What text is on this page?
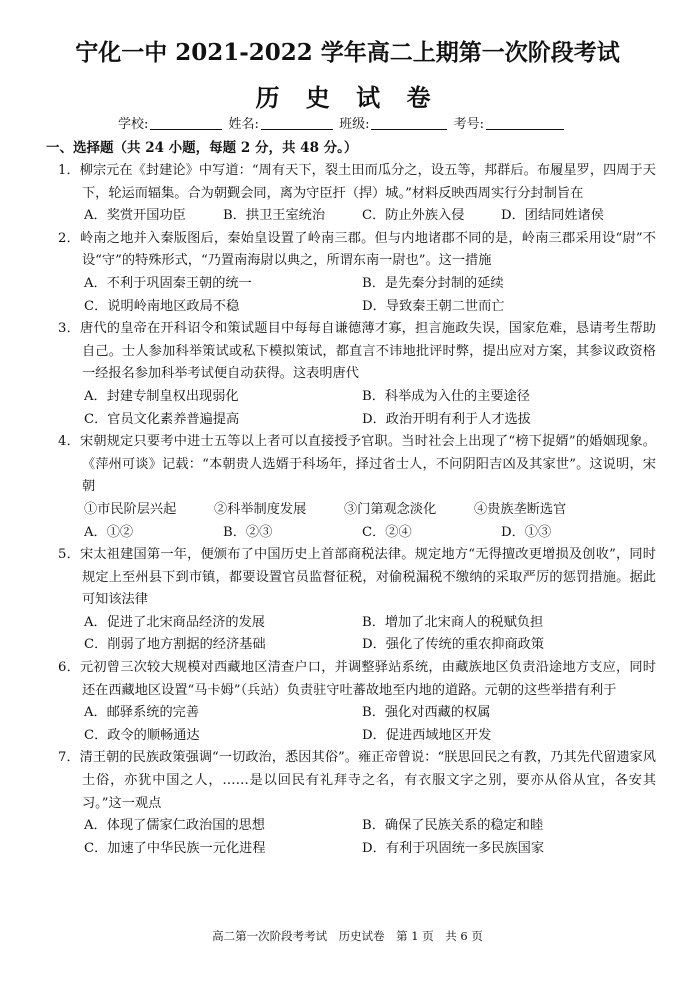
宁化一中 2021-2022 学年高二上期第一次阶段考试
历 史 试 卷
学校:	姓名:	班级:	考号:
一、选择题（共 24 小题，每题 2 分，共 48 分。）
1．柳宗元在《封建论》中写道：“周有天下，裂土田而瓜分之，设五等，邦群后。布履星罗，四周于天下，轮运而辐集。合为朝觐会同，离为守臣扞（捍）城。”材料反映西周实行分封制旨在
A．奖赏开国功臣	B．拱卫王室统治	C．防止外族入侵	D．团结同姓诸侯
2．岭南之地并入秦版图后，秦始皇设置了岭南三郡。但与内地诸郡不同的是，岭南三郡采用设“尉”不设“守”的特殊形式，“乃置南海尉以典之，所谓东南一尉也”。这一措施
A．不利于巩固秦王朝的统一	B．是先秦分封制的延续
C．说明岭南地区政局不稳	D．导致秦王朝二世而亡
3．唐代的皇帝在开科诏令和策试题目中每每自谦德薄才寡，担言施政失误，国家危难，恳请考生帮助自己。士人参加科举策试或私下模拟策试，都直言不讳地批评时弊，提出应对方案，其参议政资格一经报名参加科举考试便自动获得。这表明唐代
A．封建专制皇权出现弱化	B．科举成为入仕的主要途径
C．官员文化素养普遍提高	D．政治开明有利于人才选拔
4．宋朝规定只要考中进士五等以上者可以直接授予官职。当时社会上出现了“榜下捉婿”的婚姻现象。《萍州可谈》记载：“本朝贵人选婿于科场年，择过省士人，不问阴阳吉凶及其家世”。这说明，宋朝
①市民阶层兴起	②科举制度发展	③门第观念淡化	④贵族垄断选官
A．①②	B．②③	C．②④	D．①③
5．宋太祖建国第一年，便颁布了中国历史上首部商税法律。规定地方“无得擅改更增损及创收”，同时规定上至州县下到市镇，都要设置官员监督征税，对偷税漏税不缴纳的采取严厉的惩罚措施。据此可知该法律
A．促进了北宋商品经济的发展	B．增加了北宋商人的税赋负担
C．削弱了地方割据的经济基础	D．强化了传统的重农抑商政策
6．元初曾三次较大规模对西藏地区清查户口，并调整驿站系统，由藏族地区负责沿途地方支应，同时还在西藏地区设置“马卡姆”（兵站）负责驻守吐蕃故地至内地的道路。元朝的这些举措有利于
A．邮驿系统的完善	B．强化对西藏的权属
C．政令的顺畅通达	D．促进西域地区开发
7．清王朝的民族政策强调“一切政治，悉因其俗”。雍正帝曾说：“朕思回民之有教，乃其先代留遗家风土俗，亦犹中国之人，……是以回民有礼拜寺之名，有衣服文字之别，要亦从俗从宜，各安其习。”这一观点
A．体现了儒家仁政治国的思想	B．确保了民族关系的稳定和睦
C．加速了中华民族一元化进程	D．有利于巩固统一多民族国家
高二第一次阶段考考试　历史试卷　第 1 页　共 6 页
